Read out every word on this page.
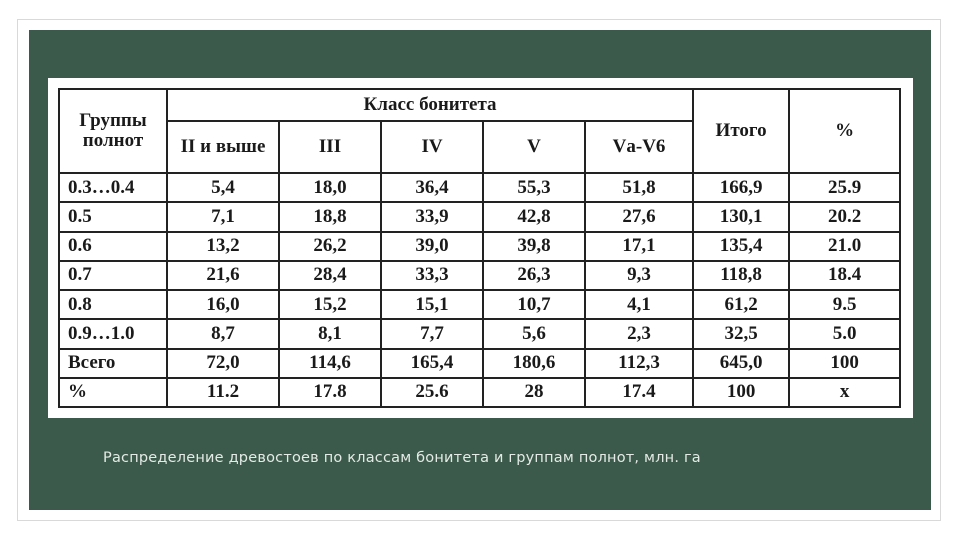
Группы полнот	Класс бонитета					Итого	%
	II и выше	III	IV	V	Vа-V6		
0.3…0.4	5,4	18,0	36,4	55,3	51,8	166,9	25.9
0.5	7,1	18,8	33,9	42,8	27,6	130,1	20.2
0.6	13,2	26,2	39,0	39,8	17,1	135,4	21.0
0.7	21,6	28,4	33,3	26,3	9,3	118,8	18.4
0.8	16,0	15,2	15,1	10,7	4,1	61,2	9.5
0.9…1.0	8,7	8,1	7,7	5,6	2,3	32,5	5.0
Всего	72,0	114,6	165,4	180,6	112,3	645,0	100
%	11.2	17.8	25.6	28	17.4	100	x
Распределение древостоев по классам бонитета и группам полнот, млн. га
